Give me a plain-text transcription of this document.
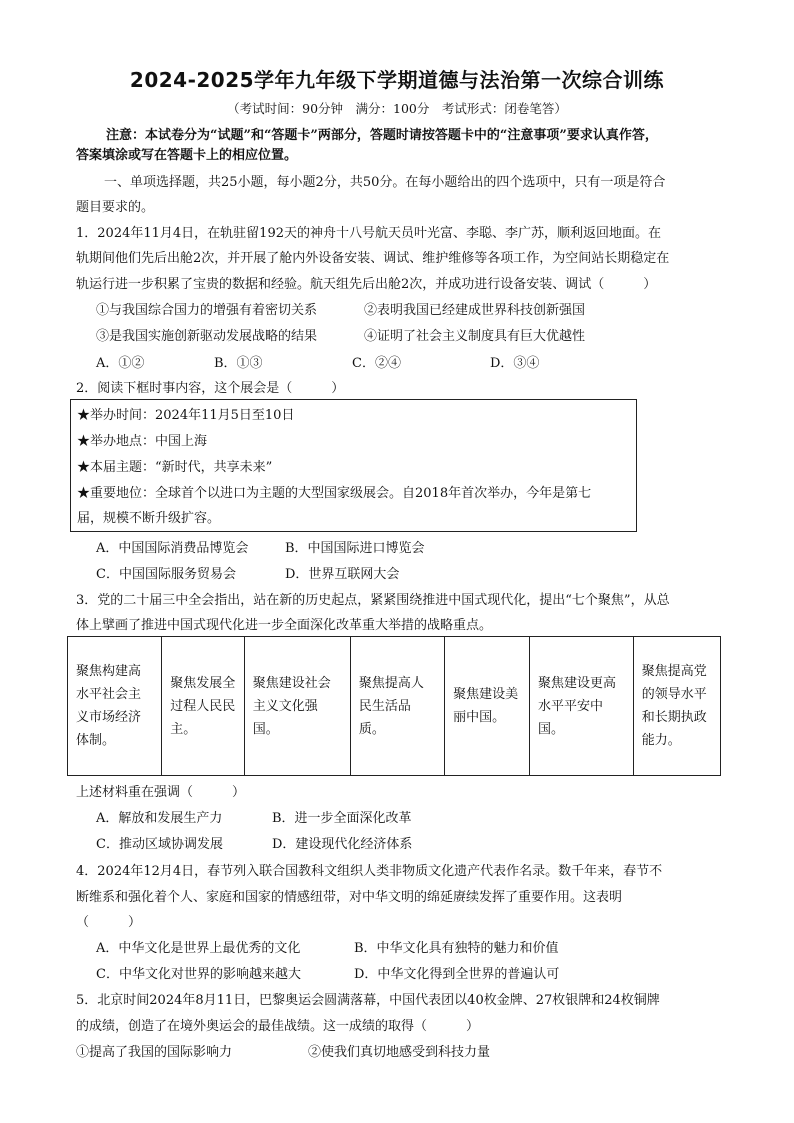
2024-2025学年九年级下学期道德与法治第一次综合训练
（考试时间：90分钟　满分：100分　考试形式：闭卷笔答）
注意：本试卷分为“试题”和“答题卡”两部分，答题时请按答题卡中的“注意事项”要求认真作答，
答案填涂或写在答题卡上的相应位置。
一、单项选择题，共25小题，每小题2分，共50分。在每小题给出的四个选项中，只有一项是符合
题目要求的。
1．2024年11月4日，在轨驻留192天的神舟十八号航天员叶光富、李聪、李广苏，顺利返回地面。在
轨期间他们先后出舱2次，并开展了舱内外设备安装、调试、维护维修等各项工作，为空间站长期稳定在
轨运行进一步积累了宝贵的数据和经验。航天组先后出舱2次，并成功进行设备安装、调试（　　　）
①与我国综合国力的增强有着密切关系	②表明我国已经建成世界科技创新强国
③是我国实施创新驱动发展战略的结果	④证明了社会主义制度具有巨大优越性
A．①②	B．①③	C．②④	D．③④
2．阅读下框时事内容，这个展会是（　　　）
★举办时间：2024年11月5日至10日
★举办地点：中国上海
★本届主题：“新时代，共享未来”
★重要地位：全球首个以进口为主题的大型国家级展会。自2018年首次举办，今年是第七
届，规模不断升级扩容。
A．中国国际消费品博览会	B．中国国际进口博览会
C．中国国际服务贸易会	D．世界互联网大会
3．党的二十届三中全会指出，站在新的历史起点，紧紧围绕推进中国式现代化，提出“七个聚焦”，从总
体上擘画了推进中国式现代化进一步全面深化改革重大举措的战略重点。
聚焦构建高水平社会主义市场经济体制。	聚焦发展全过程人民民主。	聚焦建设社会主义文化强国。	聚焦提高人民生活品质。	聚焦建设美丽中国。	聚焦建设更高水平平安中国。	聚焦提高党的领导水平和长期执政能力。
上述材料重在强调（　　　）
A．解放和发展生产力	B．进一步全面深化改革
C．推动区域协调发展	D．建设现代化经济体系
4．2024年12月4日，春节列入联合国教科文组织人类非物质文化遗产代表作名录。数千年来，春节不
断维系和强化着个人、家庭和国家的情感纽带，对中华文明的绵延赓续发挥了重要作用。这表明
（　　　）
A．中华文化是世界上最优秀的文化	B．中华文化具有独特的魅力和价值
C．中华文化对世界的影响越来越大	D．中华文化得到全世界的普遍认可
5．北京时间2024年8月11日，巴黎奥运会圆满落幕，中国代表团以40枚金牌、27枚银牌和24枚铜牌
的成绩，创造了在境外奥运会的最佳战绩。这一成绩的取得（　　　）
①提高了我国的国际影响力	②使我们真切地感受到科技力量
